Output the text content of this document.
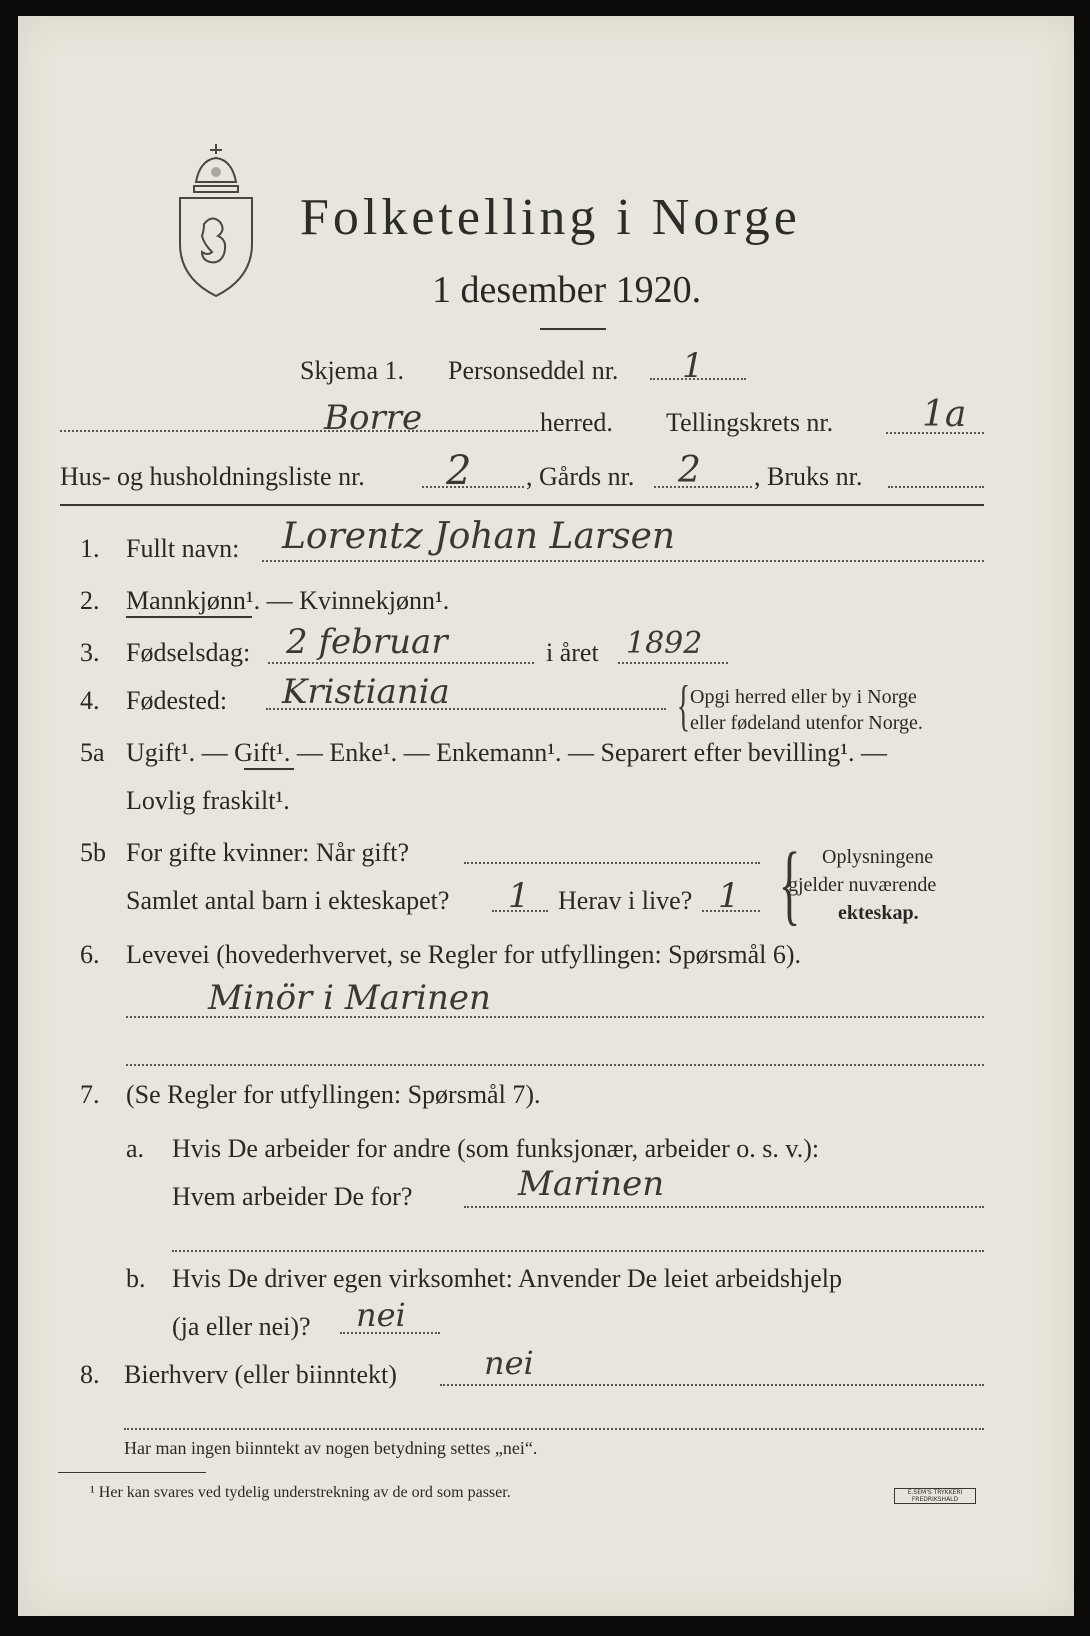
Folketelling i Norge
1 desember 1920.
Skjema 1. Personseddel nr. 1
Borre	herred. Tellingskrets nr. 1a
Hus- og husholdningsliste nr. 2 , Gårds nr. 2 , Bruks nr.
1. Fullt navn: Lorentz Johan Larsen
2. Mannkjønn¹. — Kvinnekjønn¹.
3. Fødselsdag: 2 februar	i året 1892
4. Fødested: Kristiania	{ Opgi herred eller by i Norge
eller fødeland utenfor Norge.
5a Ugift¹. — Gift¹. — Enke¹. — Enkemann¹. — Separert efter bevilling¹. —
Lovlig fraskilt¹.
5b For gifte kvinner: Når gift?
Samlet antal barn i ekteskapet? 1 Herav i live? 1 { Oplysningene
gjelder nuværende
ekteskap.
6. Levevei (hovederhvervet, se Regler for utfyllingen: Spørsmål 6).
Minör i Marinen
7. (Se Regler for utfyllingen: Spørsmål 7).
a. Hvis De arbeider for andre (som funksjonær, arbeider o. s. v.):
Hvem arbeider De for?	Marinen
b. Hvis De driver egen virksomhet: Anvender De leiet arbeidshjelp
(ja eller nei)? nei
8. Bierhverv (eller biinntekt)	nei
Har man ingen biinntekt av nogen betydning settes „nei“.
¹ Her kan svares ved tydelig understrekning av de ord som passer.	E.SEM'S TRYKKERI FREDRIKSHALD
